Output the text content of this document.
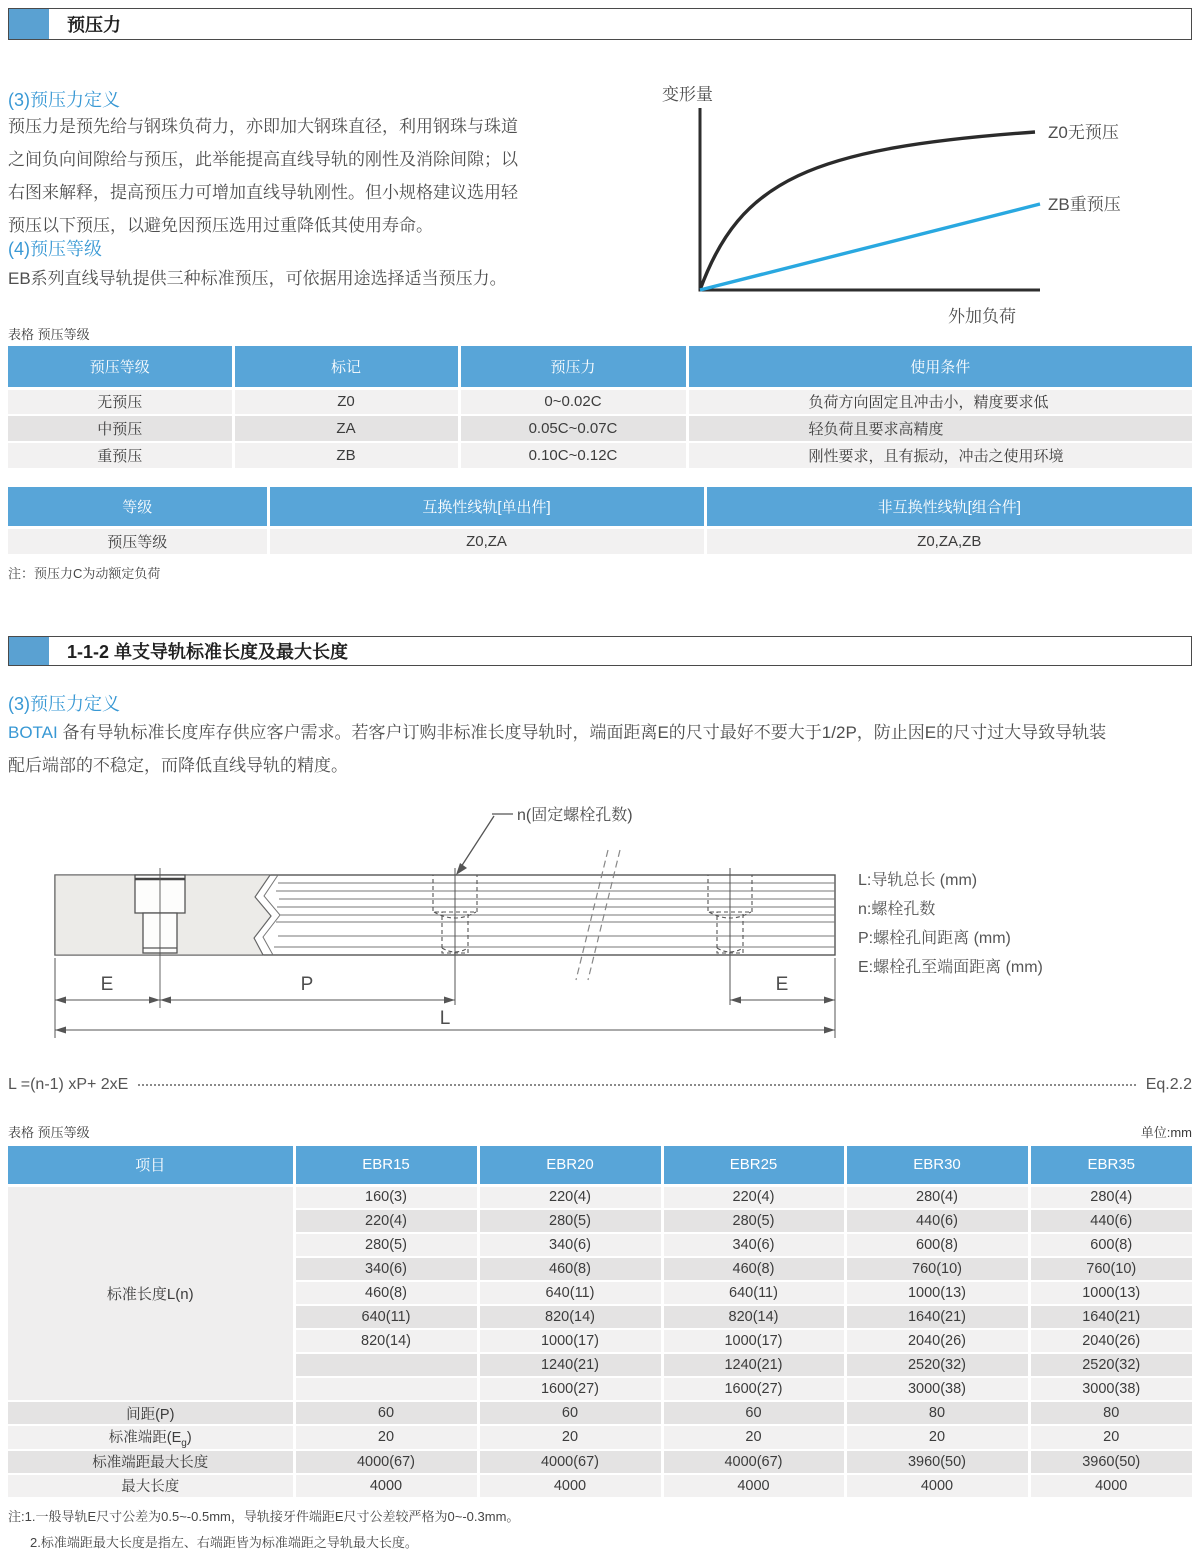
预压力
(3)预压力定义
预压力是预先给与钢珠负荷力，亦即加大钢珠直径，利用钢珠与珠道
之间负向间隙给与预压，此举能提高直线导轨的刚性及消除间隙；以
右图来解释，提高预压力可增加直线导轨刚性。但小规格建议选用轻
预压以下预压，以避免因预压选用过重降低其使用寿命。
(4)预压等级
EB系列直线导轨提供三种标准预压，可依据用途选择适当预压力。
变形量
Z0无预压
ZB重预压
外加负荷
表格 预压等级
预压等级	标记	预压力	使用条件
无预压	Z0	0~0.02C	负荷方向固定且冲击小，精度要求低
中预压	ZA	0.05C~0.07C	轻负荷且要求高精度
重预压	ZB	0.10C~0.12C	刚性要求，且有振动，冲击之使用环境
等级	互换性线轨[单出件]	非互换性线轨[组合件]
预压等级	Z0,ZA	Z0,ZA,ZB
注：预压力C为动额定负荷
1-1-2 单支导轨标准长度及最大长度
(3)预压力定义
BOTAI 备有导轨标准长度库存供应客户需求。若客户订购非标准长度导轨时，端面距离E的尺寸最好不要大于1/2P，防止因E的尺寸过大导致导轨装
配后端部的不稳定，而降低直线导轨的精度。
n(固定螺栓孔数)
E	P	E
L
L:导轨总长 (mm)
n:螺栓孔数
P:螺栓孔间距离 (mm)
E:螺栓孔至端面距离 (mm)
L =(n-1) xP+ 2xE	Eq.2.2
表格 预压等级	单位:mm
项目	EBR15	EBR20	EBR25	EBR30	EBR35
标准长度L(n)	160(3)	220(4)	220(4)	280(4)	280(4)
	220(4)	280(5)	280(5)	440(6)	440(6)
	280(5)	340(6)	340(6)	600(8)	600(8)
	340(6)	460(8)	460(8)	760(10)	760(10)
	460(8)	640(11)	640(11)	1000(13)	1000(13)
	640(11)	820(14)	820(14)	1640(21)	1640(21)
	820(14)	1000(17)	1000(17)	2040(26)	2040(26)
		1240(21)	1240(21)	2520(32)	2520(32)
		1600(27)	1600(27)	3000(38)	3000(38)
间距(P)	60	60	60	80	80
标准端距$(E_g)$	20	20	20	20	20
标准端距最大长度	4000(67)	4000(67)	4000(67)	3960(50)	3960(50)
最大长度	4000	4000	4000	4000	4000
注:1.一般导轨E尺寸公差为0.5~-0.5mm，导轨接牙件端距E尺寸公差较严格为0~-0.3mm。
2.标准端距最大长度是指左、右端距皆为标准端距之导轨最大长度。
